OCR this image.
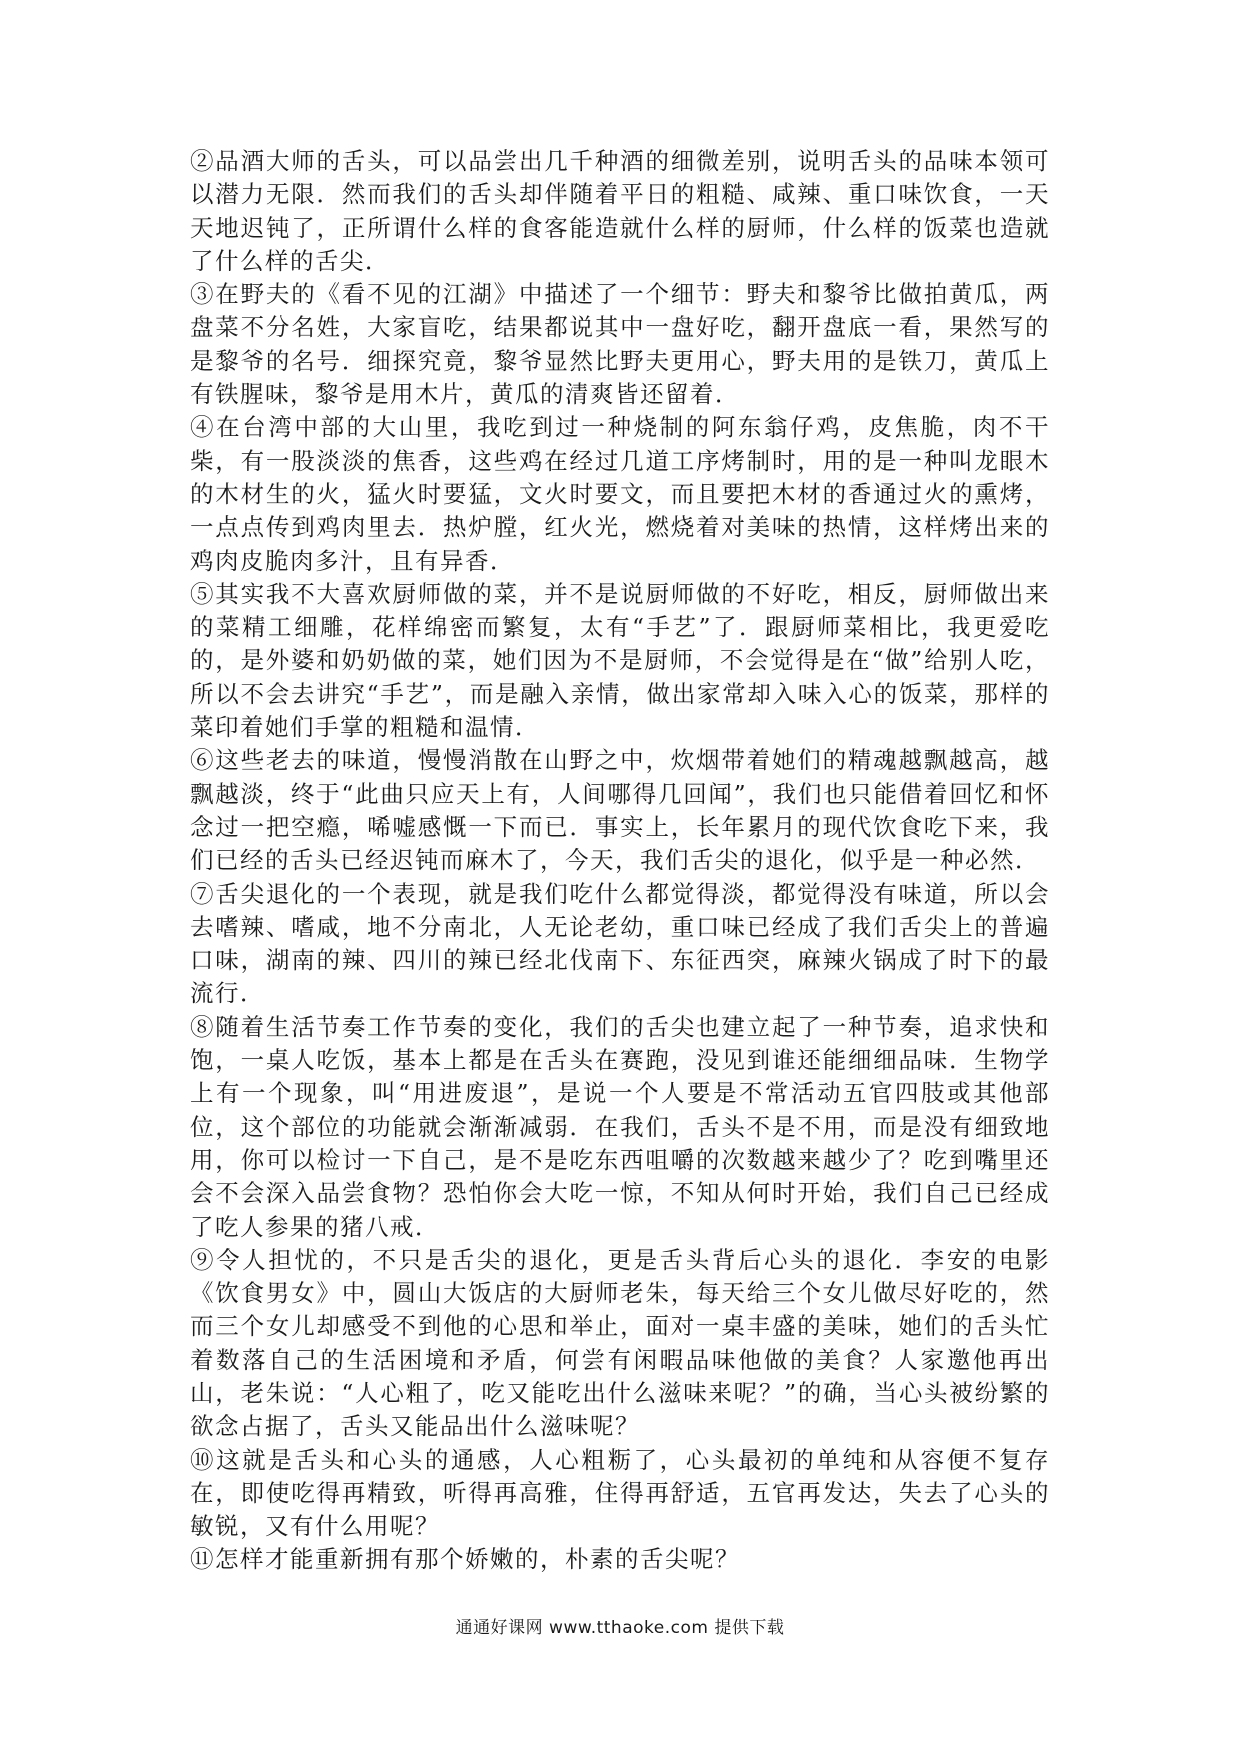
②品酒大师的舌头，可以品尝出几千种酒的细微差别，说明舌头的品味本领可以潜力无限．然而我们的舌头却伴随着平日的粗糙、咸辣、重口味饮食，一天天地迟钝了，正所谓什么样的食客能造就什么样的厨师，什么样的饭菜也造就了什么样的舌尖．

③在野夫的《看不见的江湖》中描述了一个细节：野夫和黎爷比做拍黄瓜，两盘菜不分名姓，大家盲吃，结果都说其中一盘好吃，翻开盘底一看，果然写的是黎爷的名号．细探究竟，黎爷显然比野夫更用心，野夫用的是铁刀，黄瓜上有铁腥味，黎爷是用木片，黄瓜的清爽皆还留着．

④在台湾中部的大山里，我吃到过一种烧制的阿东翁仔鸡，皮焦脆，肉不干柴，有一股淡淡的焦香，这些鸡在经过几道工序烤制时，用的是一种叫龙眼木的木材生的火，猛火时要猛，文火时要文，而且要把木材的香通过火的熏烤，一点点传到鸡肉里去．热炉膛，红火光，燃烧着对美味的热情，这样烤出来的鸡肉皮脆肉多汁，且有异香．

⑤其实我不大喜欢厨师做的菜，并不是说厨师做的不好吃，相反，厨师做出来的菜精工细雕，花样绵密而繁复，太有“手艺”了．跟厨师菜相比，我更爱吃的，是外婆和奶奶做的菜，她们因为不是厨师，不会觉得是在“做”给别人吃，所以不会去讲究“手艺”，而是融入亲情，做出家常却入味入心的饭菜，那样的菜印着她们手掌的粗糙和温情．

⑥这些老去的味道，慢慢消散在山野之中，炊烟带着她们的精魂越飘越高，越飘越淡，终于“此曲只应天上有，人间哪得几回闻”，我们也只能借着回忆和怀念过一把空瘾，唏嘘感慨一下而已．事实上，长年累月的现代饮食吃下来，我们已经的舌头已经迟钝而麻木了，今天，我们舌尖的退化，似乎是一种必然．

⑦舌尖退化的一个表现，就是我们吃什么都觉得淡，都觉得没有味道，所以会去嗜辣、嗜咸，地不分南北，人无论老幼，重口味已经成了我们舌尖上的普遍口味，湖南的辣、四川的辣已经北伐南下、东征西突，麻辣火锅成了时下的最流行．

⑧随着生活节奏工作节奏的变化，我们的舌尖也建立起了一种节奏，追求快和饱，一桌人吃饭，基本上都是在舌头在赛跑，没见到谁还能细细品味．生物学上有一个现象，叫“用进废退”，是说一个人要是不常活动五官四肢或其他部位，这个部位的功能就会渐渐减弱．在我们，舌头不是不用，而是没有细致地用，你可以检讨一下自己，是不是吃东西咀嚼的次数越来越少了？吃到嘴里还会不会深入品尝食物？恐怕你会大吃一惊，不知从何时开始，我们自己已经成了吃人参果的猪八戒．

⑨令人担忧的，不只是舌尖的退化，更是舌头背后心头的退化．李安的电影《饮食男女》中，圆山大饭店的大厨师老朱，每天给三个女儿做尽好吃的，然而三个女儿却感受不到他的心思和举止，面对一桌丰盛的美味，她们的舌头忙着数落自己的生活困境和矛盾，何尝有闲暇品味他做的美食？人家邀他再出山，老朱说：“人心粗了，吃又能吃出什么滋味来呢？”的确，当心头被纷繁的欲念占据了，舌头又能品出什么滋味呢？

⑩这就是舌头和心头的通感，人心粗粝了，心头最初的单纯和从容便不复存在，即使吃得再精致，听得再高雅，住得再舒适，五官再发达，失去了心头的敏锐，又有什么用呢？

⑪怎样才能重新拥有那个娇嫩的，朴素的舌尖呢？

通通好课网 www.tthaoke.com 提供下载
